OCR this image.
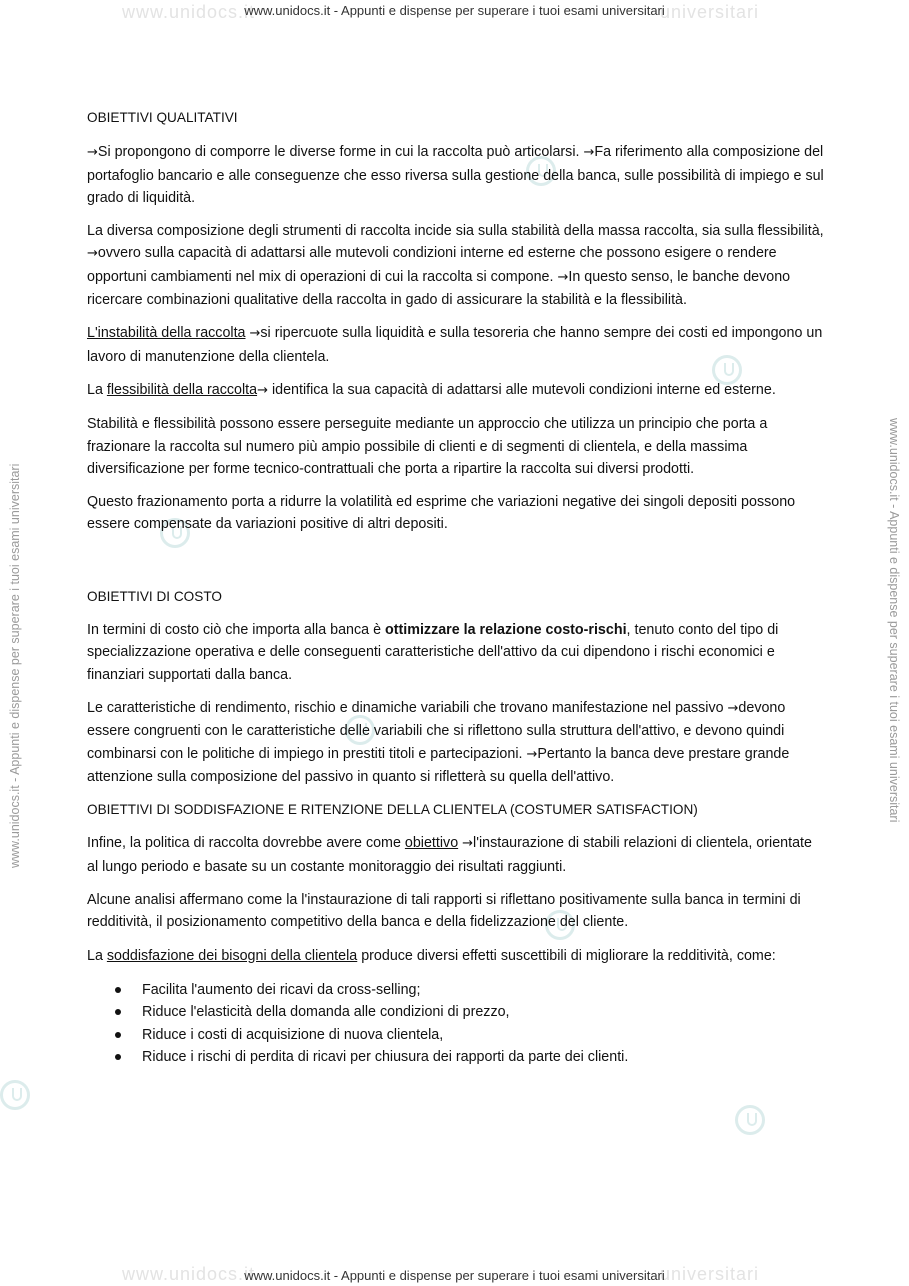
www.unidocs.it	universitari
www.unidocs.it - Appunti e dispense per superare i tuoi esami universitari
www.unidocs.it	universitari
www.unidocs.it - Appunti e dispense per superare i tuoi esami universitari
www.unidocs.it - Appunti e dispense per superare i tuoi esami universitari	www.unidocs.it - Appunti e dispense per superare i tuoi esami universitari

OBIETTIVI QUALITATIVI

→Si propongono di comporre le diverse forme in cui la raccolta può articolarsi. →Fa riferimento alla composizione del portafoglio bancario e alle conseguenze che esso riversa sulla gestione della banca, sulle possibilità di impiego e sul grado di liquidità.

La diversa composizione degli strumenti di raccolta incide sia sulla stabilità della massa raccolta, sia sulla flessibilità, →ovvero sulla capacità di adattarsi alle mutevoli condizioni interne ed esterne che possono esigere o rendere opportuni cambiamenti nel mix di operazioni di cui la raccolta si compone. →In questo senso, le banche devono ricercare combinazioni qualitative della raccolta in gado di assicurare la stabilità e la flessibilità.

L'instabilità della raccolta →si ripercuote sulla liquidità e sulla tesoreria che hanno sempre dei costi ed impongono un lavoro di manutenzione della clientela.

La flessibilità della raccolta→ identifica la sua capacità di adattarsi alle mutevoli condizioni interne ed esterne.

Stabilità e flessibilità possono essere perseguite mediante un approccio che utilizza un principio che porta a frazionare la raccolta sul numero più ampio possibile di clienti e di segmenti di clientela, e della massima diversificazione per forme tecnico-contrattuali che porta a ripartire la raccolta sui diversi prodotti.

Questo frazionamento porta a ridurre la volatilità ed esprime che variazioni negative dei singoli depositi possono essere compensate da variazioni positive di altri depositi.

OBIETTIVI DI COSTO

In termini di costo ciò che importa alla banca è ottimizzare la relazione costo-rischi, tenuto conto del tipo di specializzazione operativa e delle conseguenti caratteristiche dell'attivo da cui dipendono i rischi economici e finanziari supportati dalla banca.

Le caratteristiche di rendimento, rischio e dinamiche variabili che trovano manifestazione nel passivo →devono essere congruenti con le caratteristiche delle variabili che si riflettono sulla struttura dell'attivo, e devono quindi combinarsi con le politiche di impiego in prestiti titoli e partecipazioni. →Pertanto la banca deve prestare grande attenzione sulla composizione del passivo in quanto si rifletterà su quella dell'attivo.

OBIETTIVI DI SODDISFAZIONE E RITENZIONE DELLA CLIENTELA (COSTUMER SATISFACTION)

Infine, la politica di raccolta dovrebbe avere come obiettivo →l'instaurazione di stabili relazioni di clientela, orientate al lungo periodo e basate su un costante monitoraggio dei risultati raggiunti.

Alcune analisi affermano come la l'instaurazione di tali rapporti si riflettano positivamente sulla banca in termini di redditività, il posizionamento competitivo della banca e della fidelizzazione del cliente.

La soddisfazione dei bisogni della clientela produce diversi effetti suscettibili di migliorare la redditività, come:

Facilita l'aumento dei ricavi da cross-selling;
Riduce l'elasticità della domanda alle condizioni di prezzo,
Riduce i costi di acquisizione di nuova clientela,
Riduce i rischi di perdita di ricavi per chiusura dei rapporti da parte dei clienti.
